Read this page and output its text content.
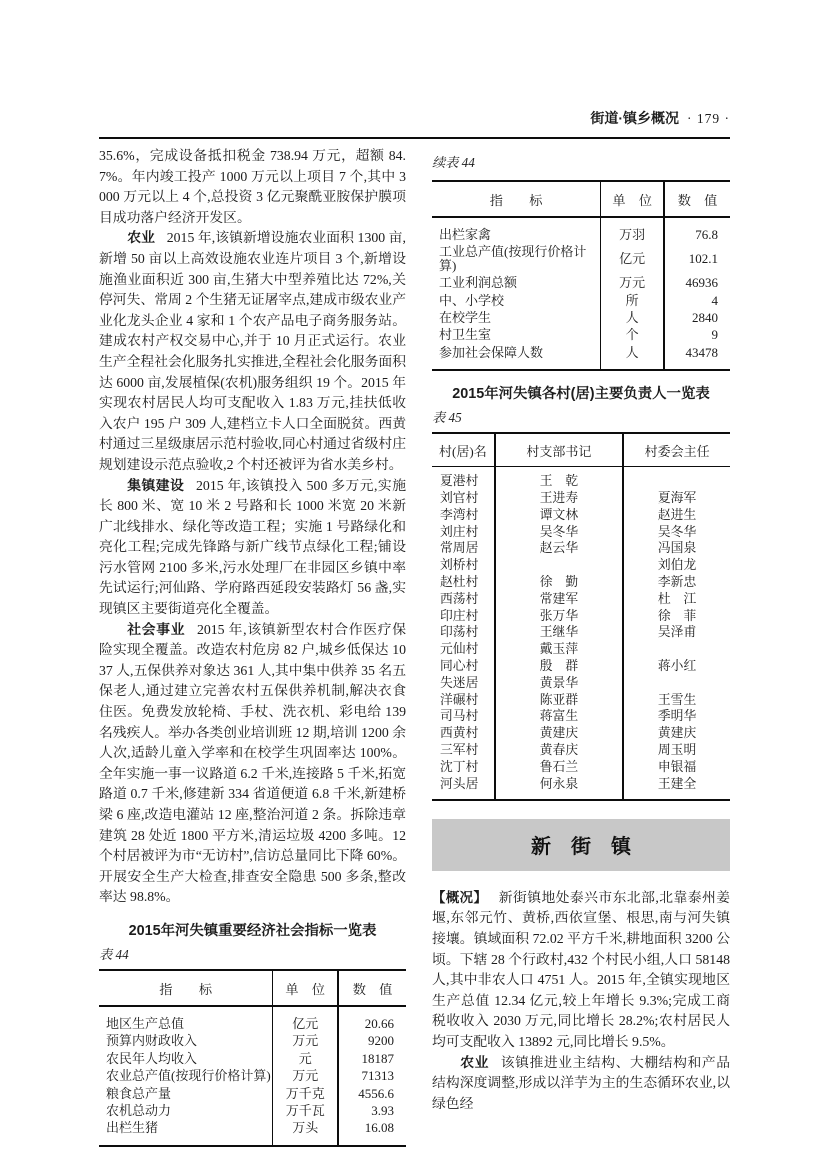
街道·镇乡概况 · 179 ·

35.6%，完成设备抵扣税金 738.94 万元，超额 84.7%。年内竣工投产 1000 万元以上项目 7 个,其中 3000 万元以上 4 个,总投资 3 亿元聚酰亚胺保护膜项目成功落户经济开发区。

农业 2015 年,该镇新增设施农业面积 1300 亩,新增 50 亩以上高效设施农业连片项目 3 个,新增设施渔业面积近 300 亩,生猪大中型养殖比达 72%,关停河失、常周 2 个生猪无证屠宰点,建成市级农业产业化龙头企业 4 家和 1 个农产品电子商务服务站。建成农村产权交易中心,并于 10 月正式运行。农业生产全程社会化服务扎实推进,全程社会化服务面积达 6000 亩,发展植保(农机)服务组织 19 个。2015 年实现农村居民人均可支配收入 1.83 万元,挂扶低收入农户 195 户 309 人,建档立卡人口全面脱贫。西黄村通过三星级康居示范村验收,同心村通过省级村庄规划建设示范点验收,2 个村还被评为省水美乡村。

集镇建设 2015 年,该镇投入 500 多万元,实施长 800 米、宽 10 米 2 号路和长 1000 米宽 20 米新广北线排水、绿化等改造工程；实施 1 号路绿化和亮化工程;完成先锋路与新广线节点绿化工程;铺设污水管网 2100 多米,污水处理厂在非园区乡镇中率先试运行;河仙路、学府路西延段安装路灯 56 盏,实现镇区主要街道亮化全覆盖。

社会事业 2015 年,该镇新型农村合作医疗保险实现全覆盖。改造农村危房 82 户,城乡低保达 1037 人,五保供养对象达 361 人,其中集中供养 35 名五保老人,通过建立完善农村五保供养机制,解决衣食住医。免费发放轮椅、手杖、洗衣机、彩电给 139 名残疾人。举办各类创业培训班 12 期,培训 1200 余人次,适龄儿童入学率和在校学生巩固率达 100%。全年实施一事一议路道 6.2 千米,连接路 5 千米,拓宽路道 0.7 千米,修建新 334 省道便道 6.8 千米,新建桥梁 6 座,改造电灌站 12 座,整治河道 2 条。拆除违章建筑 28 处近 1800 平方米,清运垃圾 4200 多吨。12 个村居被评为市“无访村”,信访总量同比下降 60%。开展安全生产大检查,排查安全隐患 500 多条,整改率达 98.8%。

2015年河失镇重要经济社会指标一览表
表 44
指　　标	单　位	数　值
地区生产总值	亿元	20.66
预算内财政收入	万元	9200
农民年人均收入	元	18187
农业总产值(按现行价格计算)	万元	71313
粮食总产量	万千克	4556.6
农机总动力	万千瓦	3.93
出栏生猪	万头	16.08
续表 44
指　　标	单　位	数　值
出栏家禽	万羽	76.8
工业总产值(按现行价格计算)	亿元	102.1
工业利润总额	万元	46936
中、小学校	所	4
在校学生	人	2840
村卫生室	个	9
参加社会保障人数	人	43478
2015年河失镇各村(居)主要负责人一览表
表 45
村(居)名	村支部书记	村委会主任
夏港村	王　乾	
刘官村	王进寿	夏海军
李湾村	谭文林	赵进生
刘庄村	吴冬华	吴冬华
常周居	赵云华	冯国泉
刘桥村		刘伯龙
赵杜村	徐　勤	李新忠
西荡村	常建军	杜　江
印庄村	张万华	徐　菲
印荡村	王继华	吴泽甫
元仙村	戴玉萍	
同心村	殷　群	蒋小红
失迷居	黄景华	
洋碾村	陈亚群	王雪生
司马村	蒋富生	季明华
西黄村	黄建庆	黄建庆
三军村	黄春庆	周玉明
沈丁村	鲁石兰	申银福
河头居	何永泉	王建全
新　街　镇

【概况】 新街镇地处泰兴市东北部,北靠泰州姜堰,东邻元竹、黄桥,西依宣堡、根思,南与河失镇接壤。镇域面积 72.02 平方千米,耕地面积 3200 公顷。下辖 28 个行政村,432 个村民小组,人口 58148 人,其中非农人口 4751 人。2015 年,全镇实现地区生产总值 12.34 亿元,较上年增长 9.3%;完成工商税收收入 2030 万元,同比增长 28.2%;农村居民人均可支配收入 13892 元,同比增长 9.5%。

农业 该镇推进业主结构、大棚结构和产品结构深度调整,形成以洋芋为主的生态循环农业,以绿色经
